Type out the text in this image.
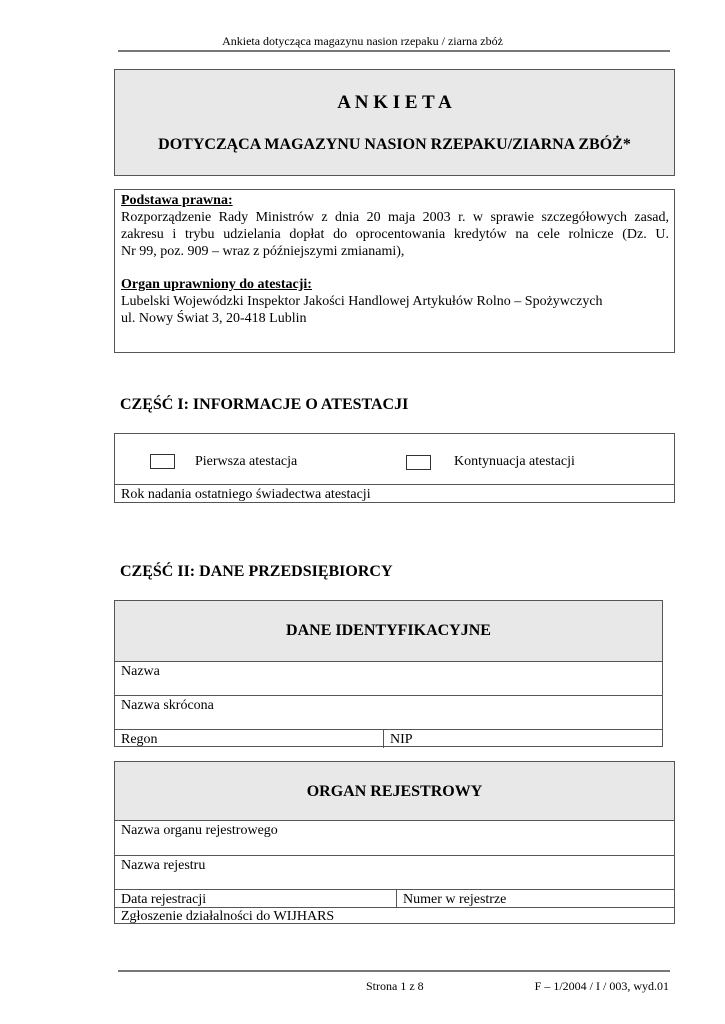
Ankieta dotycząca magazynu nasion rzepaku / ziarna zbóż
A N K I E T A
DOTYCZĄCA MAGAZYNU NASION RZEPAKU/ZIARNA ZBÓŻ*
Podstawa prawna:
Rozporządzenie Rady Ministrów z dnia 20 maja 2003 r. w sprawie szczegółowych zasad,
zakresu i trybu udzielania dopłat do oprocentowania kredytów na cele rolnicze (Dz. U.
Nr 99, poz. 909 – wraz z późniejszymi zmianami),
Organ uprawniony do atestacji:
Lubelski Wojewódzki Inspektor Jakości Handlowej Artykułów Rolno – Spożywczych
ul. Nowy Świat 3, 20-418 Lublin
CZĘŚĆ I: INFORMACJE O ATESTACJI
Pierwsza atestacja	Kontynuacja atestacji
Rok nadania ostatniego świadectwa atestacji
CZĘŚĆ II: DANE PRZEDSIĘBIORCY
DANE IDENTYFIKACYJNE
Nazwa
Nazwa skrócona
Regon	NIP
ORGAN REJESTROWY
Nazwa organu rejestrowego
Nazwa rejestru
Data rejestracji	Numer w rejestrze
Zgłoszenie działalności do WIJHARS
Strona 1 z 8	F – 1/2004 / I / 003, wyd.01
